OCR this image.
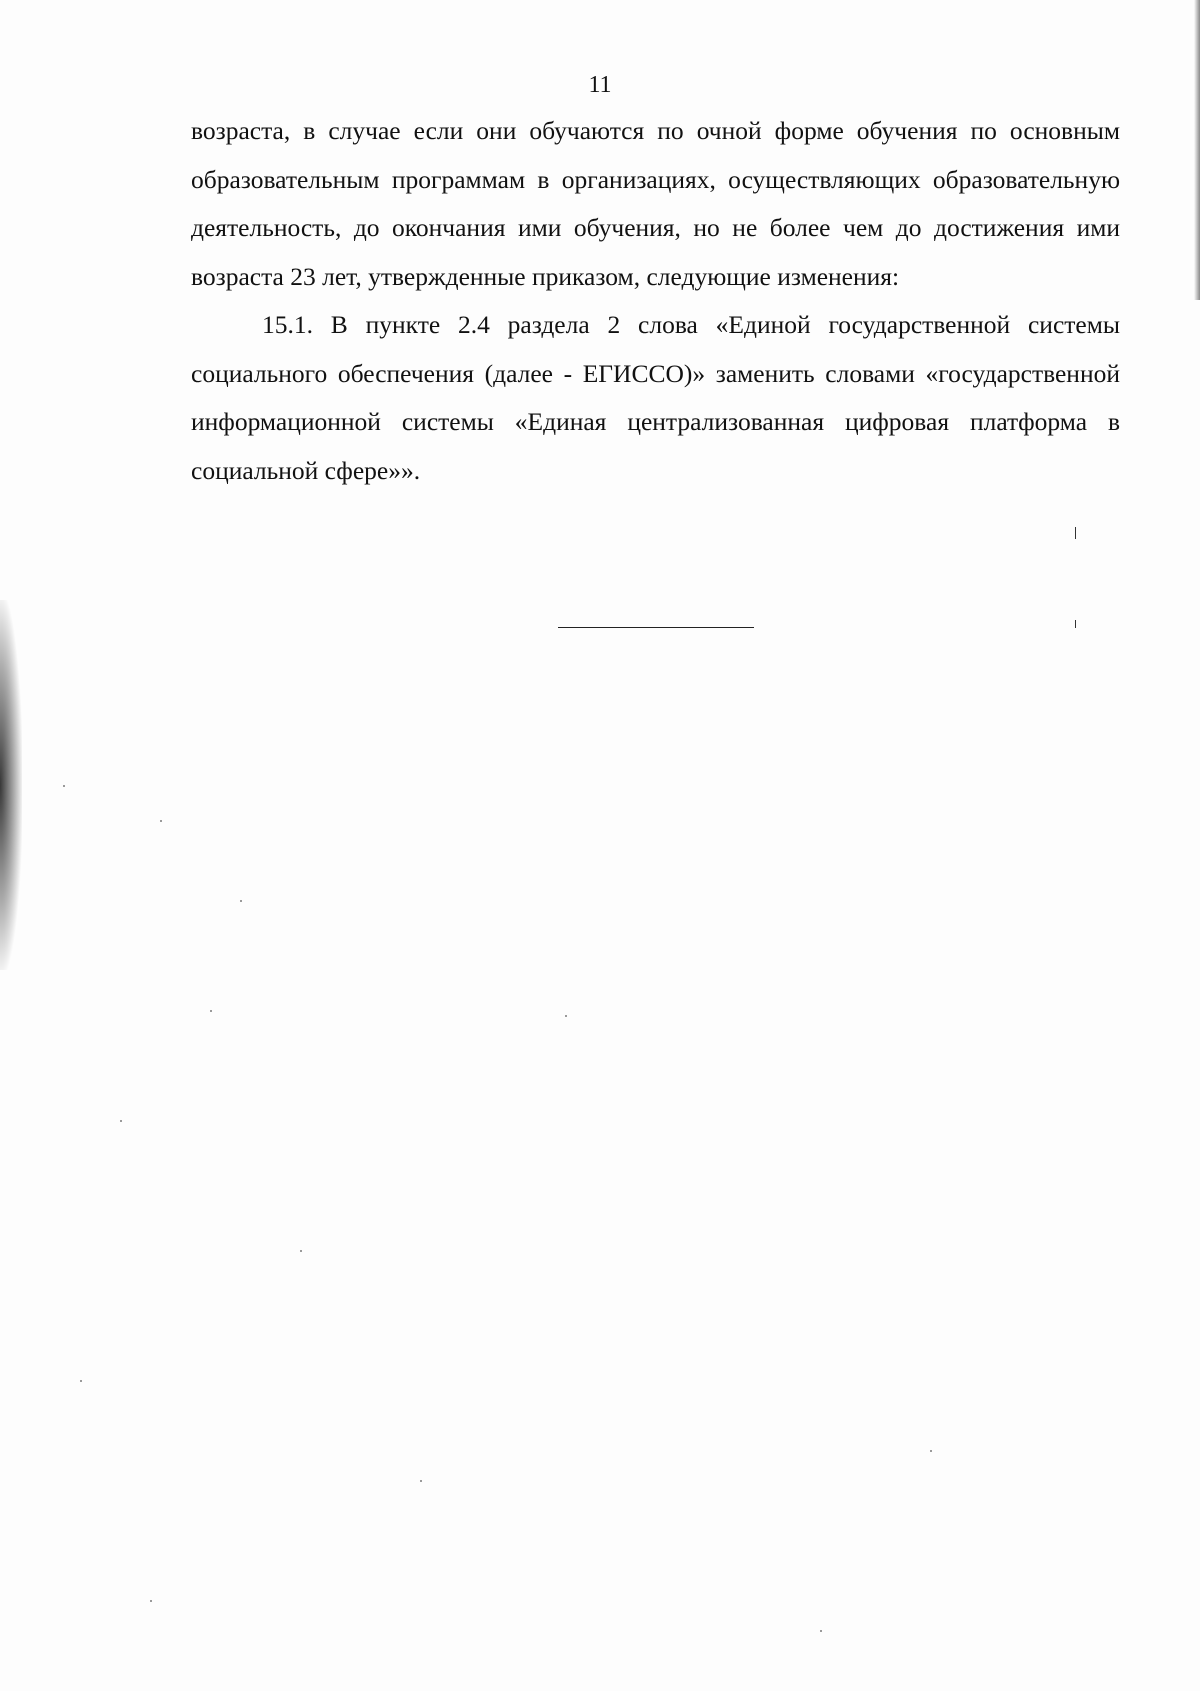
11

возраста, в случае если они обучаются по очной форме обучения по основным образовательным программам в организациях, осуществляющих образовательную деятельность, до окончания ими обучения, но не более чем до достижения ими возраста 23 лет, утвержденные приказом, следующие изменения:

15.1. В пункте 2.4 раздела 2 слова «Единой государственной системы социального обеспечения (далее - ЕГИССО)» заменить словами «государственной информационной системы «Единая централизованная цифровая платформа в социальной сфере»».
